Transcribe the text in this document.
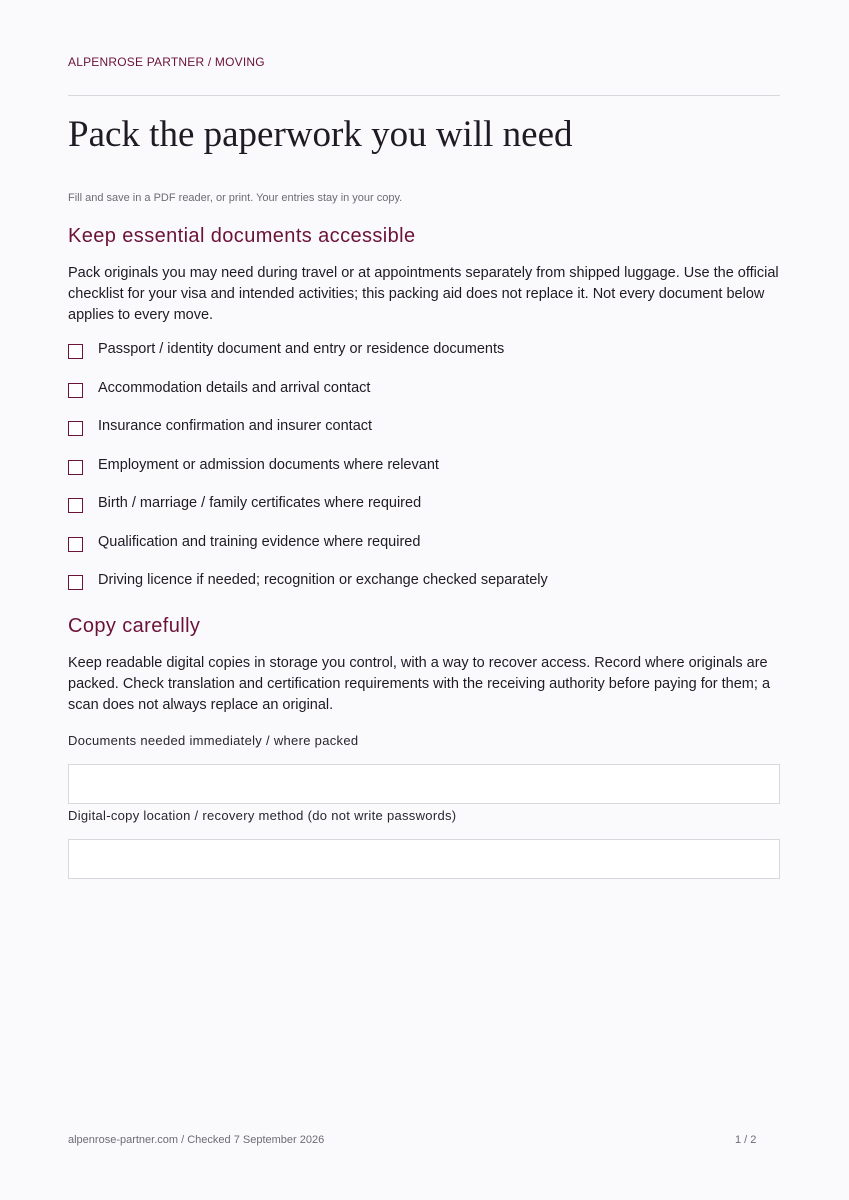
ALPENROSE PARTNER / MOVING
Pack the paperwork you will need
Fill and save in a PDF reader, or print. Your entries stay in your copy.
Keep essential documents accessible

Pack originals you may need during travel or at appointments separately from shipped luggage. Use the official checklist for your visa and intended activities; this packing aid does not replace it. Not every document below applies to every move.

Passport / identity document and entry or residence documents
Accommodation details and arrival contact
Insurance confirmation and insurer contact
Employment or admission documents where relevant
Birth / marriage / family certificates where required
Qualification and training evidence where required
Driving licence if needed; recognition or exchange checked separately
Copy carefully

Keep readable digital copies in storage you control, with a way to recover access. Record where originals are packed. Check translation and certification requirements with the receiving authority before paying for them; a scan does not always replace an original.

Documents needed immediately / where packed
Digital-copy location / recovery method (do not write passwords)
alpenrose-partner.com / Checked 7 September 2026	1 / 2
